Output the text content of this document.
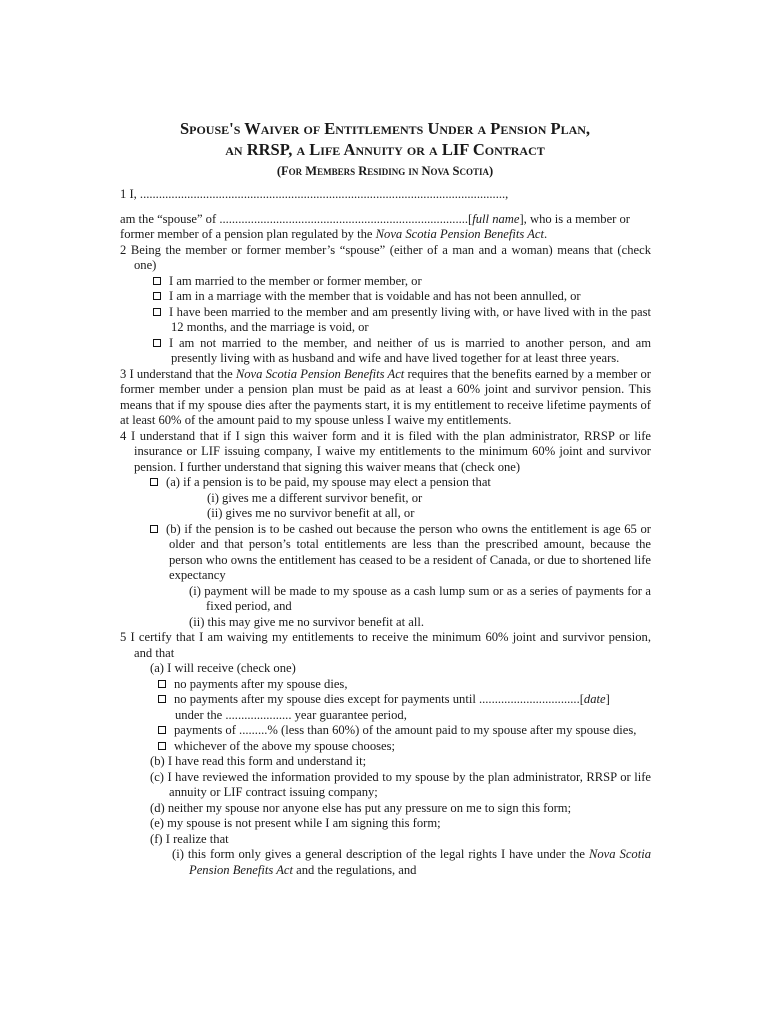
Spouse's Waiver of Entitlements Under a Pension Plan,
an RRSP, a Life Annuity or a LIF Contract
(For Members Residing in Nova Scotia)
1 I, ....................................................................................................................,
am the “spouse” of ...............................................................................[full name], who is a member or
former member of a pension plan regulated by the Nova Scotia Pension Benefits Act.
2 Being the member or former member’s “spouse” (either of a man and a woman) means that (check one)
I am married to the member or former member, or
I am in a marriage with the member that is voidable and has not been annulled, or
I have been married to the member and am presently living with, or have lived with in the past 12 months, and the marriage is void, or
I am not married to the member, and neither of us is married to another person, and am presently living with as husband and wife and have lived together for at least three years.
3 I understand that the Nova Scotia Pension Benefits Act requires that the benefits earned by a member or former member under a pension plan must be paid as at least a 60% joint and survivor pension. This means that if my spouse dies after the payments start, it is my entitlement to receive lifetime payments of at least 60% of the amount paid to my spouse unless I waive my entitlements.
4 I understand that if I sign this waiver form and it is filed with the plan administrator, RRSP or life insurance or LIF issuing company, I waive my entitlements to the minimum 60% joint and survivor pension. I further understand that signing this waiver means that (check one)
(a) if a pension is to be paid, my spouse may elect a pension that
(i) gives me a different survivor benefit, or
(ii) gives me no survivor benefit at all, or
(b) if the pension is to be cashed out because the person who owns the entitlement is age 65 or older and that person’s total entitlements are less than the prescribed amount, because the person who owns the entitlement has ceased to be a resident of Canada, or due to shortened life expectancy
(i) payment will be made to my spouse as a cash lump sum or as a series of payments for a fixed period, and
(ii) this may give me no survivor benefit at all.
5 I certify that I am waiving my entitlements to receive the minimum 60% joint and survivor pension, and that
(a) I will receive (check one)
no payments after my spouse dies,
no payments after my spouse dies except for payments until ................................[date]
under the ..................... year guarantee period,
payments of .........% (less than 60%) of the amount paid to my spouse after my spouse dies,
whichever of the above my spouse chooses;
(b) I have read this form and understand it;
(c) I have reviewed the information provided to my spouse by the plan administrator, RRSP or life annuity or LIF contract issuing company;
(d) neither my spouse nor anyone else has put any pressure on me to sign this form;
(e) my spouse is not present while I am signing this form;
(f) I realize that
(i) this form only gives a general description of the legal rights I have under the Nova Scotia Pension Benefits Act and the regulations, and
